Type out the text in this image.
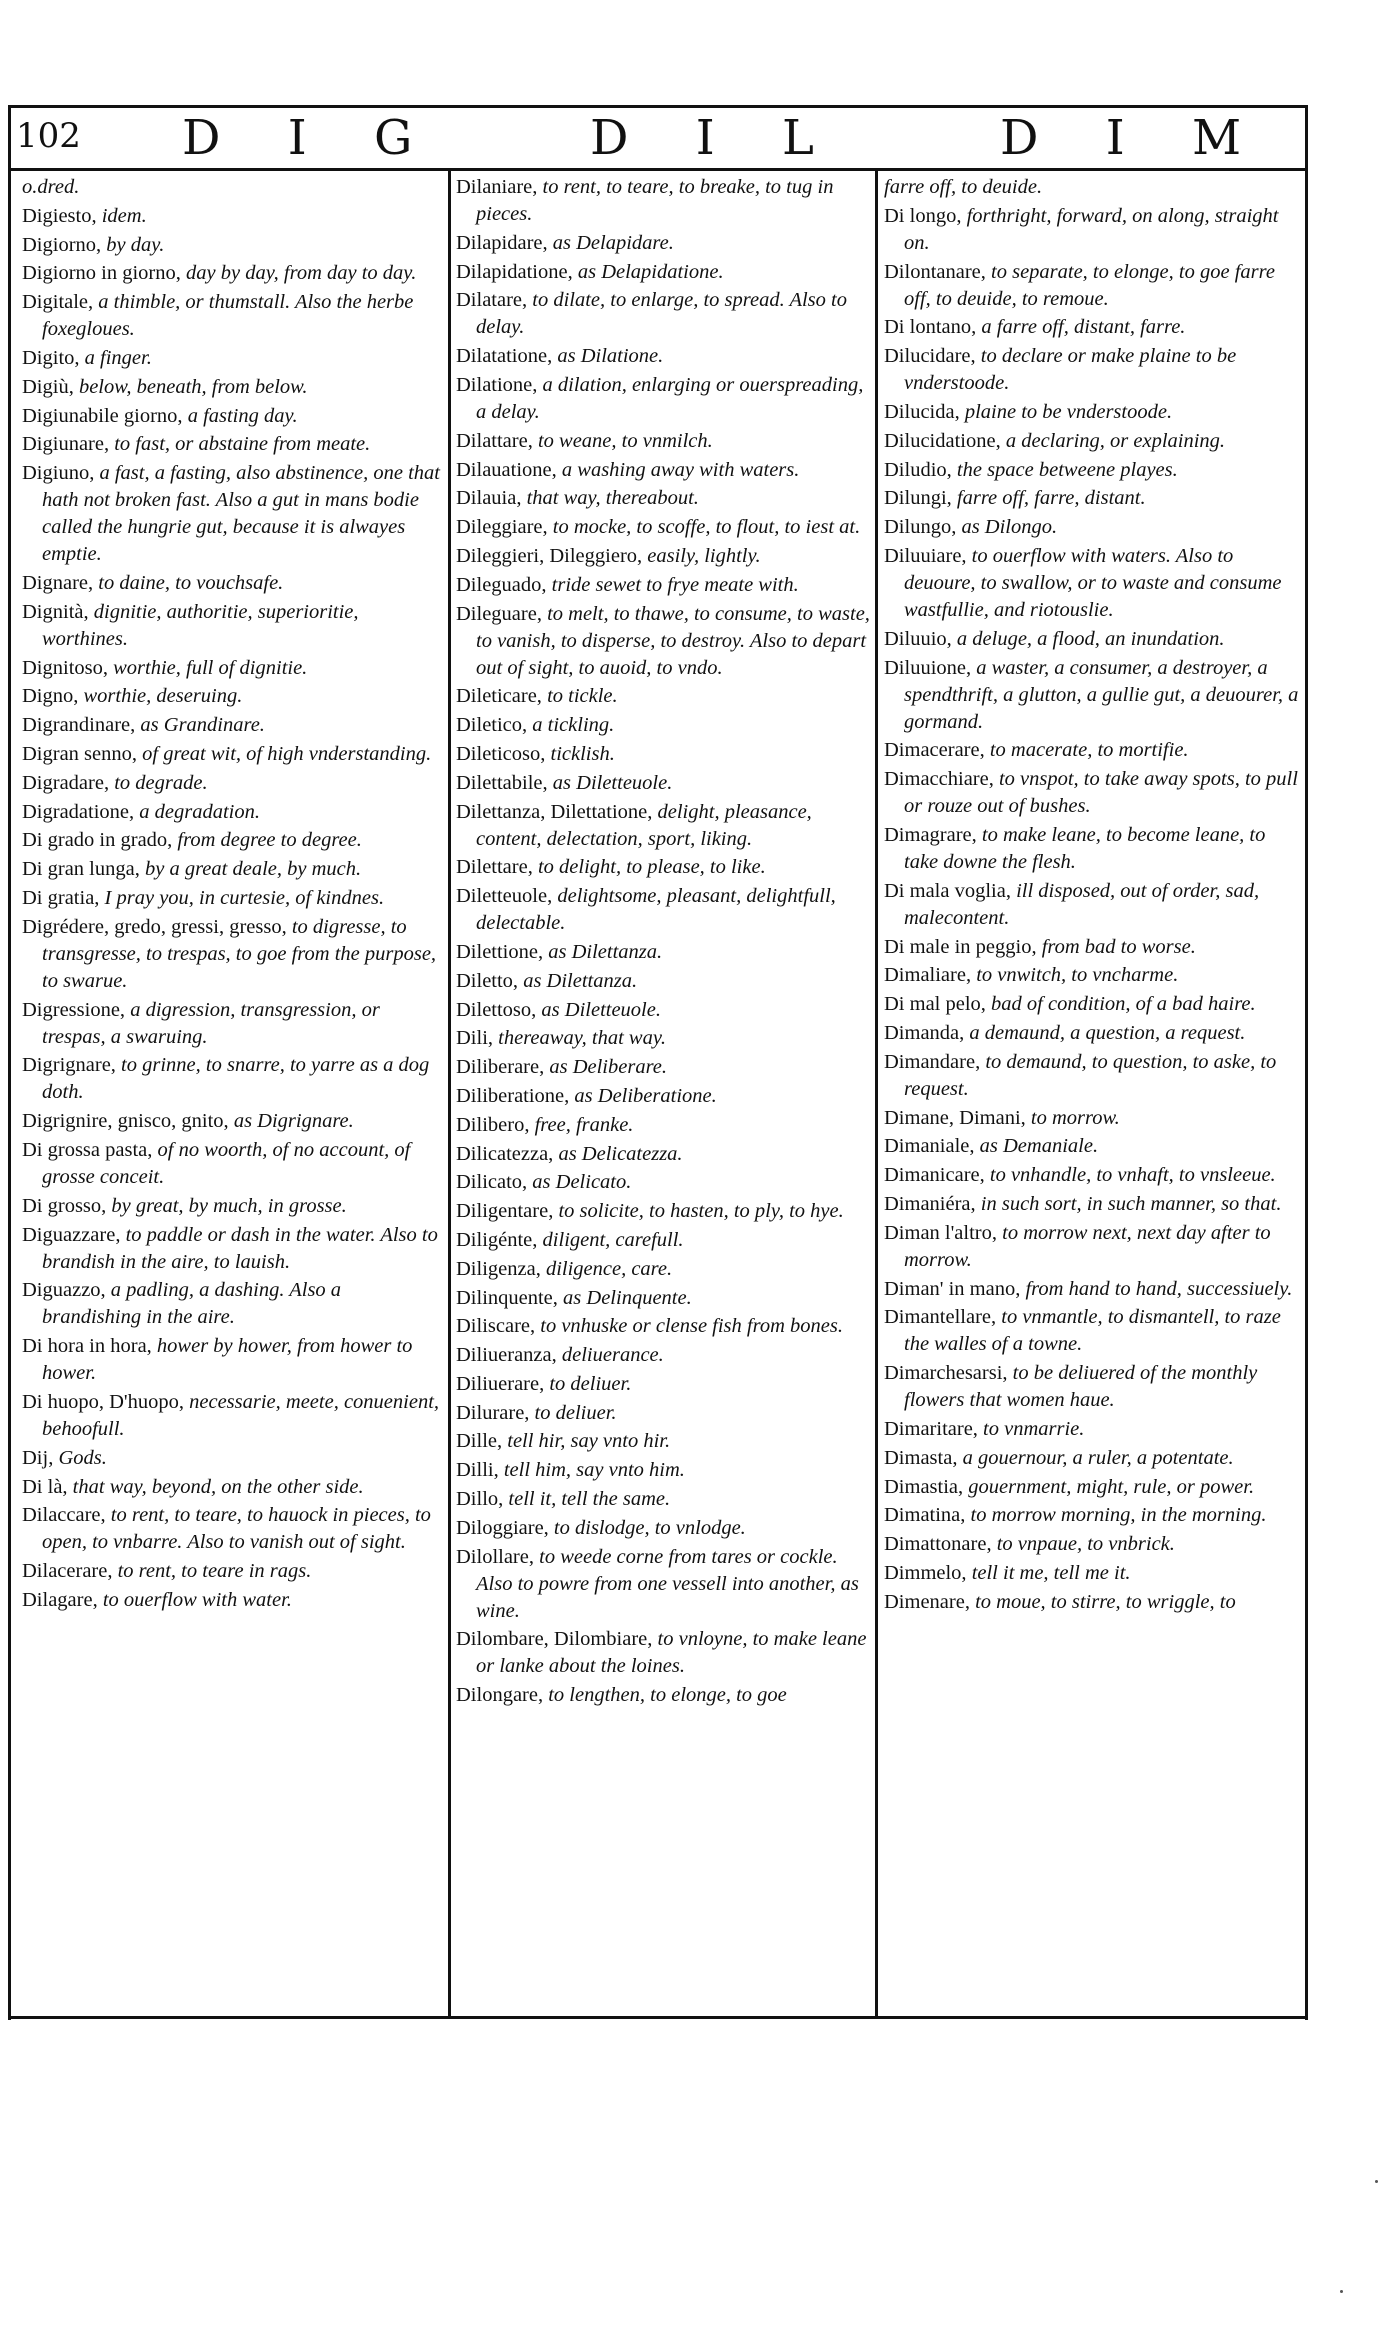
102 D I G	D I L	D I M
o.dred.
Digiesto, idem.
Digiorno, by day.
Digiorno in giorno, day by day, from day to day.
Digitale, a thimble, or thumstall. Also the herbe foxegloues.
Digito, a finger.
Digiù, below, beneath, from below.
Digiunabile giorno, a fasting day.
Digiunare, to fast, or abstaine from meate.
Digiuno, a fast, a fasting, also abstinence, one that hath not broken fast. Also a gut in mans bodie called the hungrie gut, because it is alwayes emptie.
Dignare, to daine, to vouchsafe.
Dignità, dignitie, authoritie, superioritie, worthines.
Dignitoso, worthie, full of dignitie.
Digno, worthie, deseruing.
Digrandinare, as Grandinare.
Digran senno, of great wit, of high vnderstanding.
Digradare, to degrade.
Digradatione, a degradation.
Di grado in grado, from degree to degree.
Di gran lunga, by a great deale, by much.
Di gratia, I pray you, in curtesie, of kindnes.
Digrédere, gredo, gressi, gresso, to digresse, to transgresse, to trespas, to goe from the purpose, to swarue.
Digressione, a digression, transgression, or trespas, a swaruing.
Digrignare, to grinne, to snarre, to yarre as a dog doth.
Digrignire, gnisco, gnito, as Digrignare.
Di grossa pasta, of no woorth, of no account, of grosse conceit.
Di grosso, by great, by much, in grosse.
Diguazzare, to paddle or dash in the water. Also to brandish in the aire, to lauish.
Diguazzo, a padling, a dashing. Also a brandishing in the aire.
Di hora in hora, hower by hower, from hower to hower.
Di huopo, D'huopo, necessarie, meete, conuenient, behoofull.
Dij, Gods.
Di là, that way, beyond, on the other side.
Dilaccare, to rent, to teare, to hauock in pieces, to open, to vnbarre. Also to vanish out of sight.
Dilacerare, to rent, to teare in rags.
Dilagare, to ouerflow with water.
Dilaniare, to rent, to teare, to breake, to tug in pieces.
Dilapidare, as Delapidare.
Dilapidatione, as Delapidatione.
Dilatare, to dilate, to enlarge, to spread. Also to delay.
Dilatatione, as Dilatione.
Dilatione, a dilation, enlarging or ouerspreading, a delay.
Dilattare, to weane, to vnmilch.
Dilauatione, a washing away with waters.
Dilauia, that way, thereabout.
Dileggiare, to mocke, to scoffe, to flout, to iest at.
Dileggieri, Dileggiero, easily, lightly.
Dileguado, tride sewet to frye meate with.
Dileguare, to melt, to thawe, to consume, to waste, to vanish, to disperse, to destroy. Also to depart out of sight, to auoid, to vndo.
Dileticare, to tickle.
Diletico, a tickling.
Dileticoso, ticklish.
Dilettabile, as Diletteuole.
Dilettanza, Dilettatione, delight, pleasance, content, delectation, sport, liking.
Dilettare, to delight, to please, to like.
Diletteuole, delightsome, pleasant, delightfull, delectable.
Dilettione, as Dilettanza.
Diletto, as Dilettanza.
Dilettoso, as Diletteuole.
Dili, thereaway, that way.
Diliberare, as Deliberare.
Diliberatione, as Deliberatione.
Dilibero, free, franke.
Dilicatezza, as Delicatezza.
Dilicato, as Delicato.
Diligentare, to solicite, to hasten, to ply, to hye.
Diligénte, diligent, carefull.
Diligenza, diligence, care.
Dilinquente, as Delinquente.
Diliscare, to vnhuske or clense fish from bones.
Diliueranza, deliuerance.
Diliuerare, to deliuer.
Dilurare, to deliuer.
Dille, tell hir, say vnto hir.
Dilli, tell him, say vnto him.
Dillo, tell it, tell the same.
Diloggiare, to dislodge, to vnlodge.
Dilollare, to weede corne from tares or cockle. Also to powre from one vessell into another, as wine.
Dilombare, Dilombiare, to vnloyne, to make leane or lanke about the loines.
Dilongare, to lengthen, to elonge, to goe
farre off, to deuide.
Di longo, forthright, forward, on along, straight on.
Dilontanare, to separate, to elonge, to goe farre off, to deuide, to remoue.
Di lontano, a farre off, distant, farre.
Dilucidare, to declare or make plaine to be vnderstoode.
Dilucida, plaine to be vnderstoode.
Dilucidatione, a declaring, or explaining.
Diludio, the space betweene playes.
Dilungi, farre off, farre, distant.
Dilungo, as Dilongo.
Diluuiare, to ouerflow with waters. Also to deuoure, to swallow, or to waste and consume wastfullie, and riotouslie.
Diluuio, a deluge, a flood, an inundation.
Diluuione, a waster, a consumer, a destroyer, a spendthrift, a glutton, a gullie gut, a deuourer, a gormand.
Dimacerare, to macerate, to mortifie.
Dimacchiare, to vnspot, to take away spots, to pull or rouze out of bushes.
Dimagrare, to make leane, to become leane, to take downe the flesh.
Di mala voglia, ill disposed, out of order, sad, malecontent.
Di male in peggio, from bad to worse.
Dimaliare, to vnwitch, to vncharme.
Di mal pelo, bad of condition, of a bad haire.
Dimanda, a demaund, a question, a request.
Dimandare, to demaund, to question, to aske, to request.
Dimane, Dimani, to morrow.
Dimaniale, as Demaniale.
Dimanicare, to vnhandle, to vnhaft, to vnsleeue.
Dimaniéra, in such sort, in such manner, so that.
Diman l'altro, to morrow next, next day after to morrow.
Diman' in mano, from hand to hand, successiuely.
Dimantellare, to vnmantle, to dismantell, to raze the walles of a towne.
Dimarchesarsi, to be deliuered of the monthly flowers that women haue.
Dimaritare, to vnmarrie.
Dimasta, a gouernour, a ruler, a potentate.
Dimastia, gouernment, might, rule, or power.
Dimatina, to morrow morning, in the morning.
Dimattonare, to vnpaue, to vnbrick.
Dimmelo, tell it me, tell me it.
Dimenare, to moue, to stirre, to wriggle, to
